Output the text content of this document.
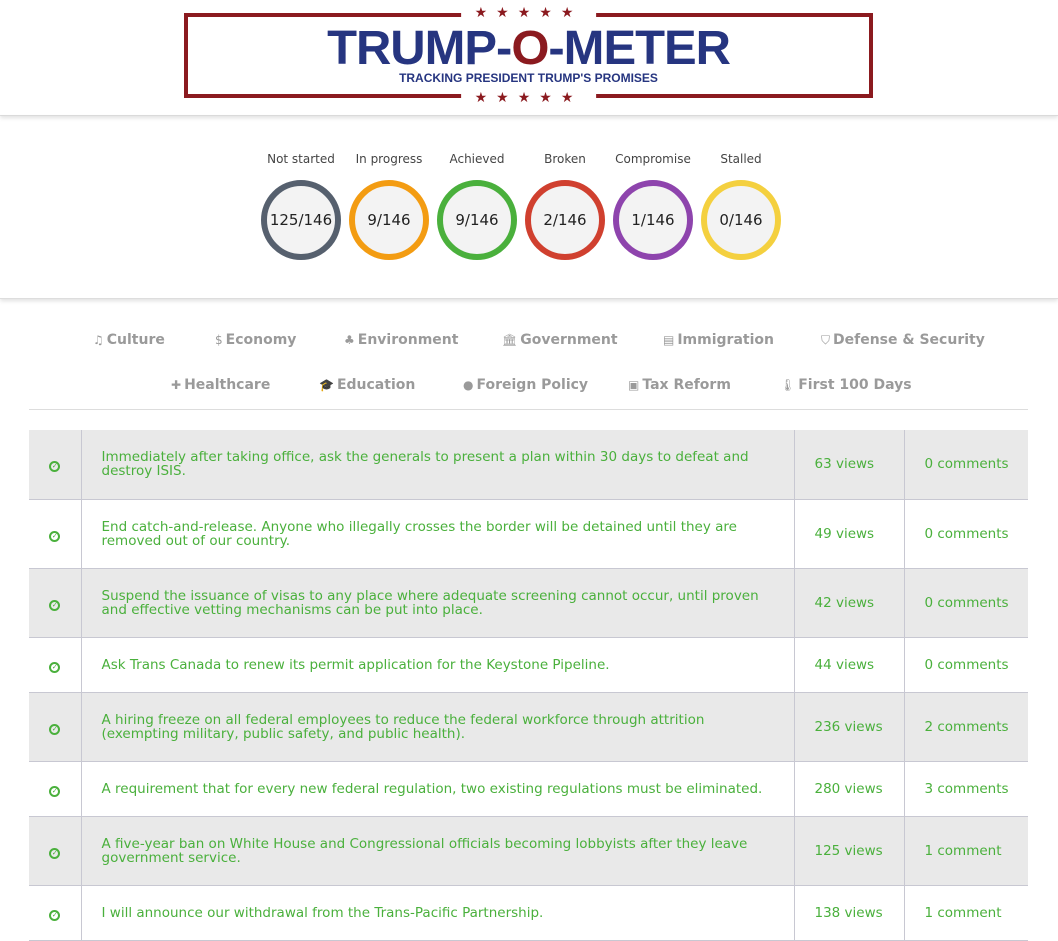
★★★★★
TRUMP-O-METER
TRACKING PRESIDENT TRUMP'S PROMISES
★★★★★
Not started
125/146
In progress
9/146
Achieved
9/146
Broken
2/146
Compromise
1/146
Stalled
0/146
♫ Culture	$ Economy	♣ Environment	🏛 Government	▤ Immigration	⛉ Defense & Security
✚ Healthcare	🎓 Education	● Foreign Policy	▣ Tax Reform	🌡 First 100 Days
✓	Immediately after taking office, ask the generals to present a plan within 30 days to defeat and destroy ISIS.	63 views	0 comments
✓	End catch-and-release. Anyone who illegally crosses the border will be detained until they are removed out of our country.	49 views	0 comments
✓	Suspend the issuance of visas to any place where adequate screening cannot occur, until proven and effective vetting mechanisms can be put into place.	42 views	0 comments
✓	Ask Trans Canada to renew its permit application for the Keystone Pipeline.	44 views	0 comments
✓	A hiring freeze on all federal employees to reduce the federal workforce through attrition (exempting military, public safety, and public health).	236 views	2 comments
✓	A requirement that for every new federal regulation, two existing regulations must be eliminated.	280 views	3 comments
✓	A five-year ban on White House and Congressional officials becoming lobbyists after they leave government service.	125 views	1 comment
✓	I will announce our withdrawal from the Trans-Pacific Partnership.	138 views	1 comment
